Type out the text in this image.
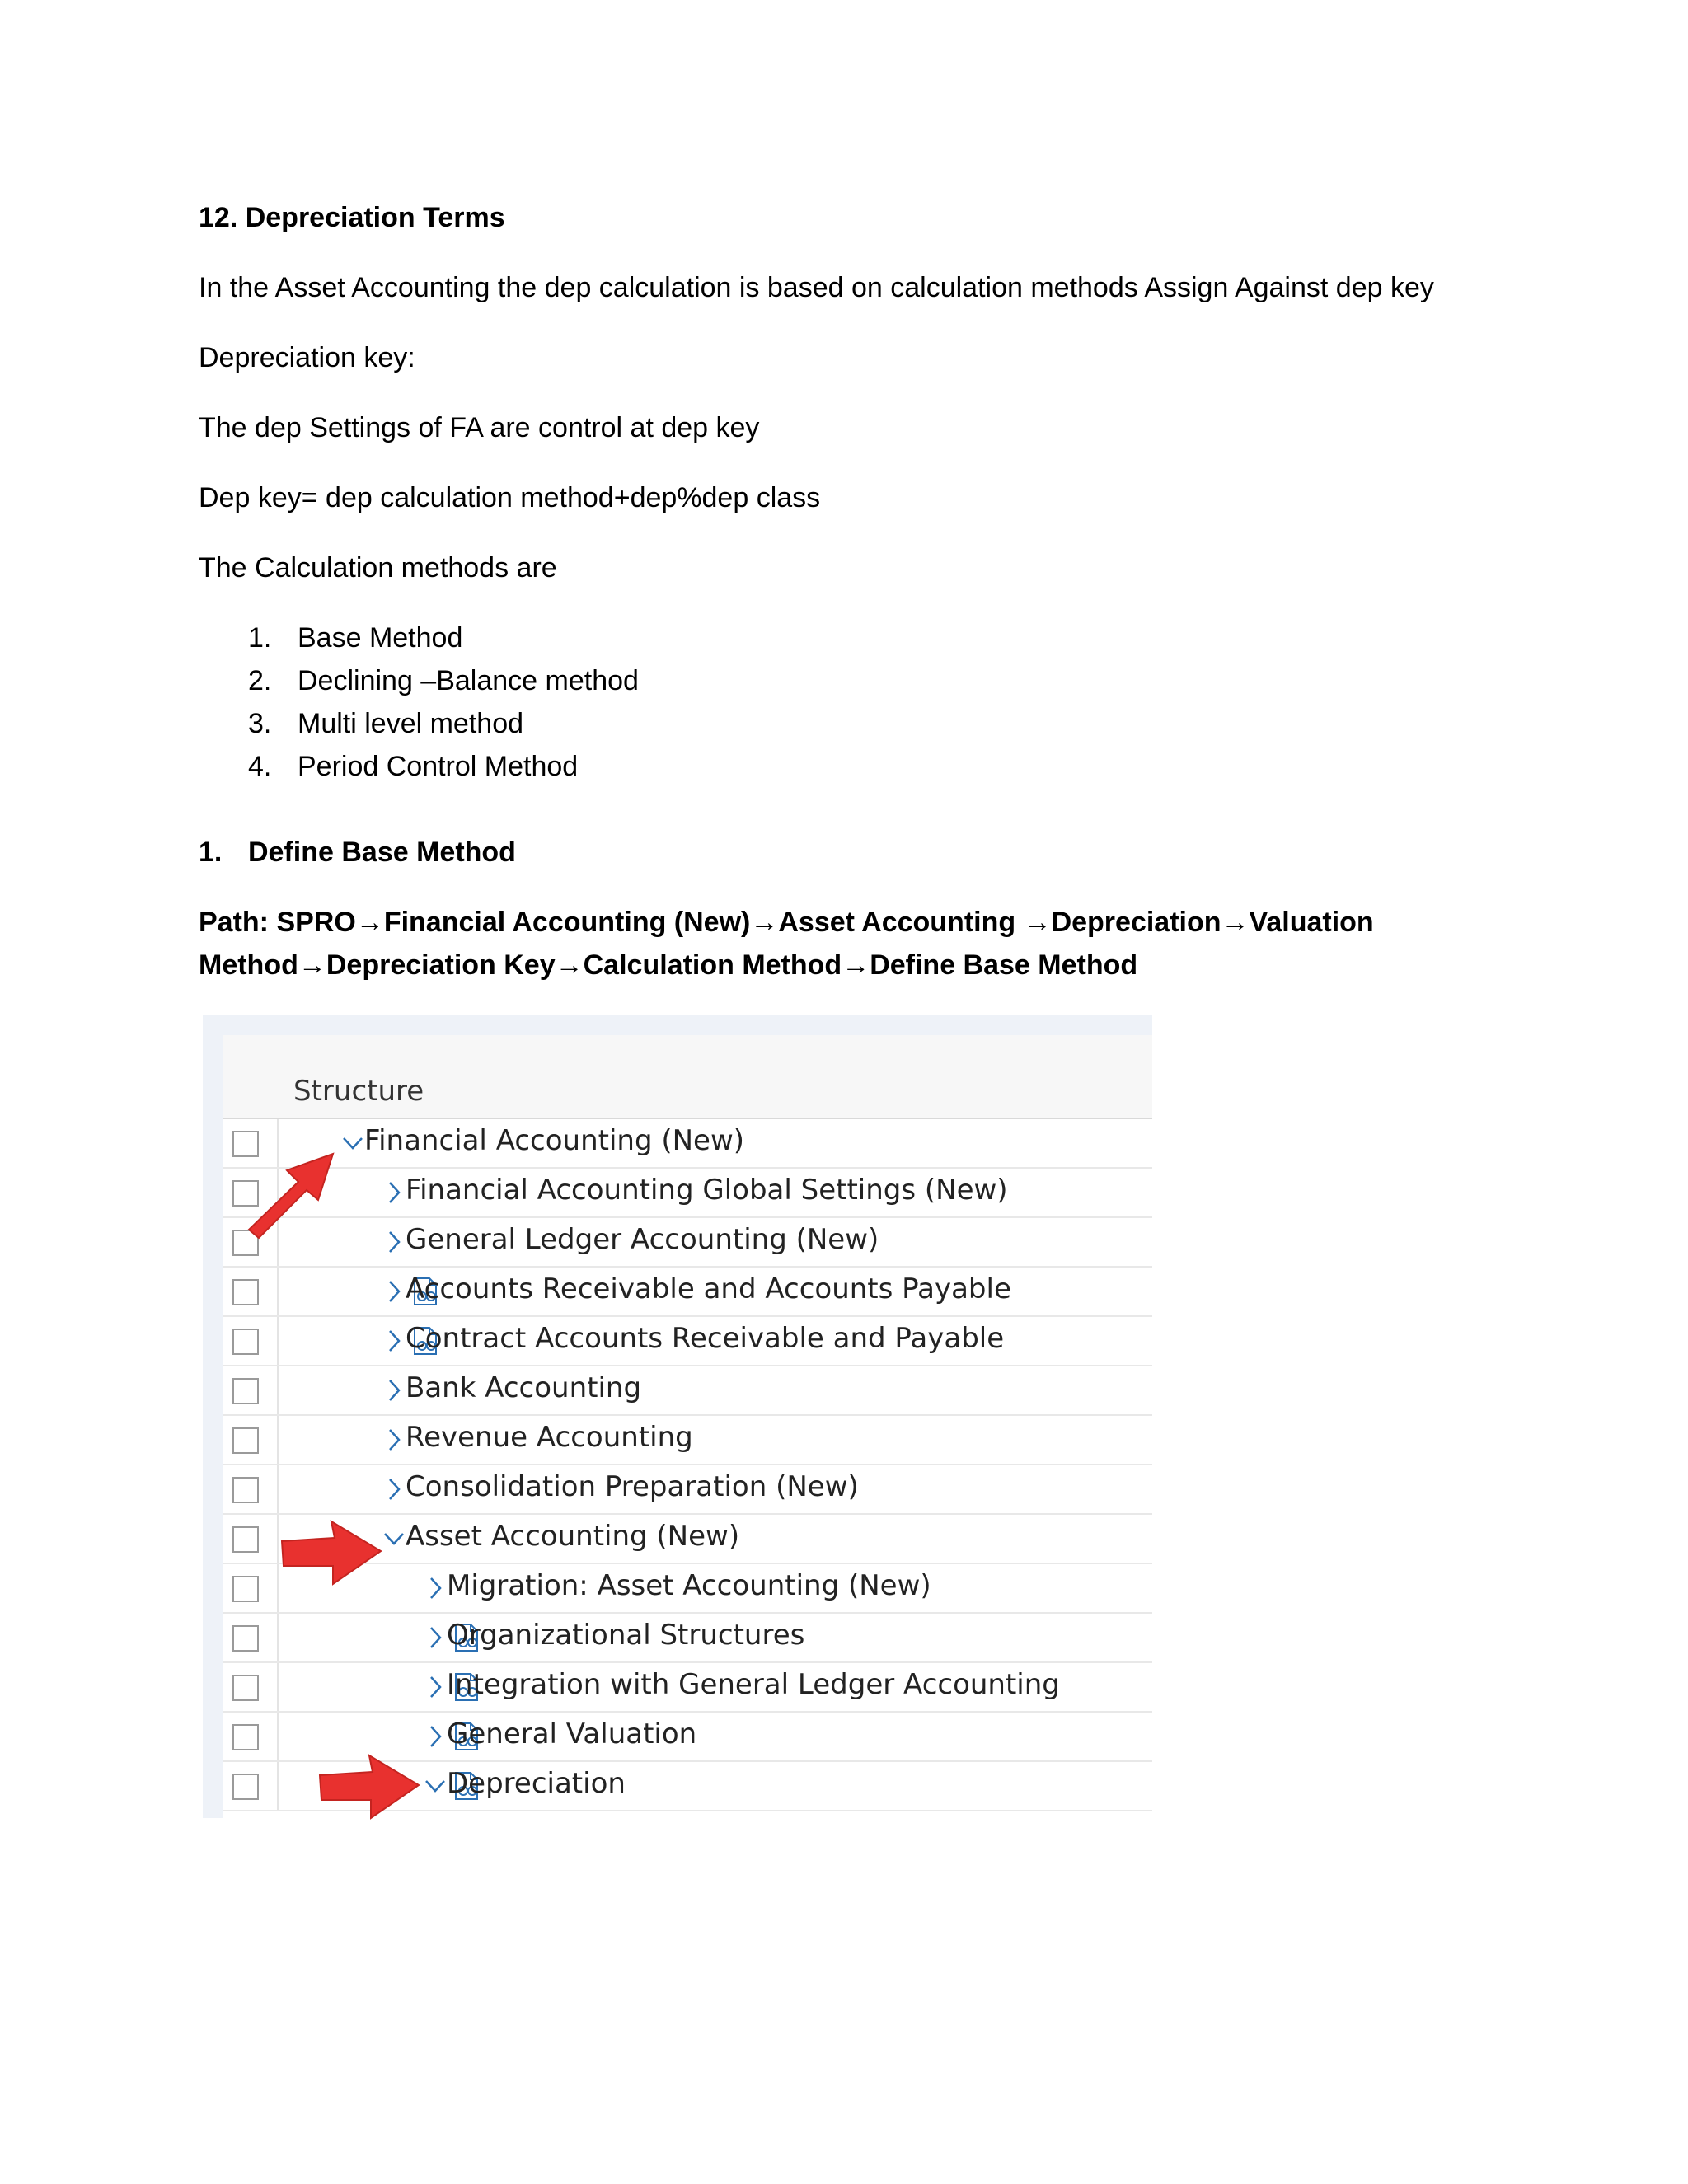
12. Depreciation Terms
In the Asset Accounting the dep calculation is based on calculation methods Assign Against dep key
Depreciation key:
The dep Settings of FA are control at dep key
Dep key= dep calculation method+dep%dep class
The Calculation methods are
1. Base Method
2. Declining –Balance method
3. Multi level method
4. Period Control Method
1. Define Base Method
Path: SPRO→Financial Accounting (New)→Asset Accounting →Depreciation→Valuation Method→Depreciation Key→Calculation Method→Define Base Method
Structure
Financial Accounting (New)
Financial Accounting Global Settings (New)
General Ledger Accounting (New)
Accounts Receivable and Accounts Payable
Contract Accounts Receivable and Payable
Bank Accounting
Revenue Accounting
Consolidation Preparation (New)
Asset Accounting (New)
Migration: Asset Accounting (New)
Organizational Structures
Integration with General Ledger Accounting
General Valuation
Depreciation
